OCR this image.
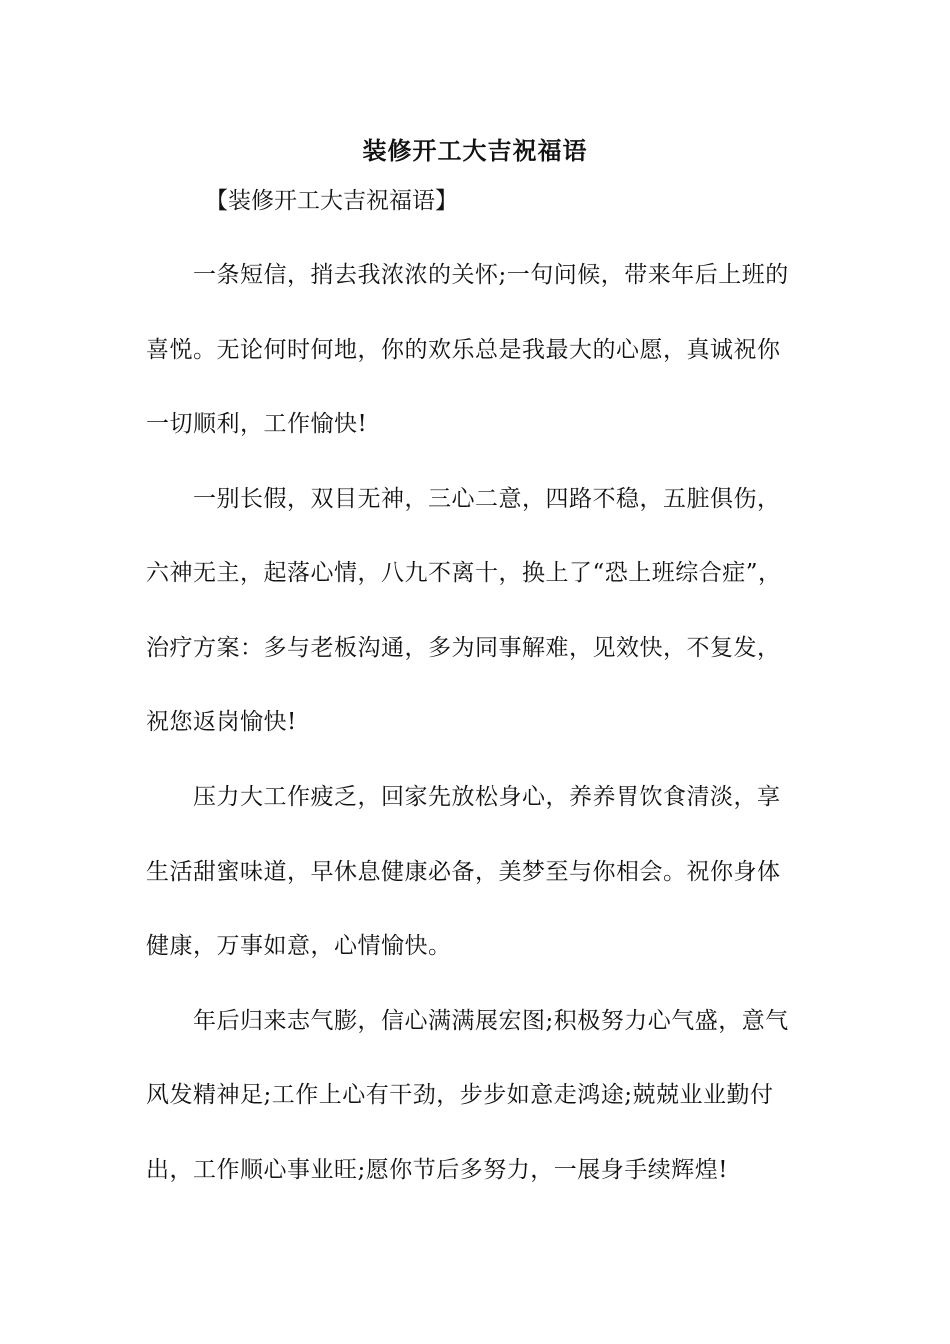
装修开工大吉祝福语
【装修开工大吉祝福语】
一条短信，捎去我浓浓的关怀;一句问候，带来年后上班的
喜悦。无论何时何地，你的欢乐总是我最大的心愿，真诚祝你
一切顺利，工作愉快!
一别长假，双目无神，三心二意，四路不稳，五脏俱伤，
六神无主，起落心情，八九不离十，换上了“恐上班综合症”，
治疗方案：多与老板沟通，多为同事解难，见效快，不复发，
祝您返岗愉快!
压力大工作疲乏，回家先放松身心，养养胃饮食清淡，享
生活甜蜜味道，早休息健康必备，美梦至与你相会。祝你身体
健康，万事如意，心情愉快。
年后归来志气膨，信心满满展宏图;积极努力心气盛，意气
风发精神足;工作上心有干劲，步步如意走鸿途;兢兢业业勤付
出，工作顺心事业旺;愿你节后多努力，一展身手续辉煌!
